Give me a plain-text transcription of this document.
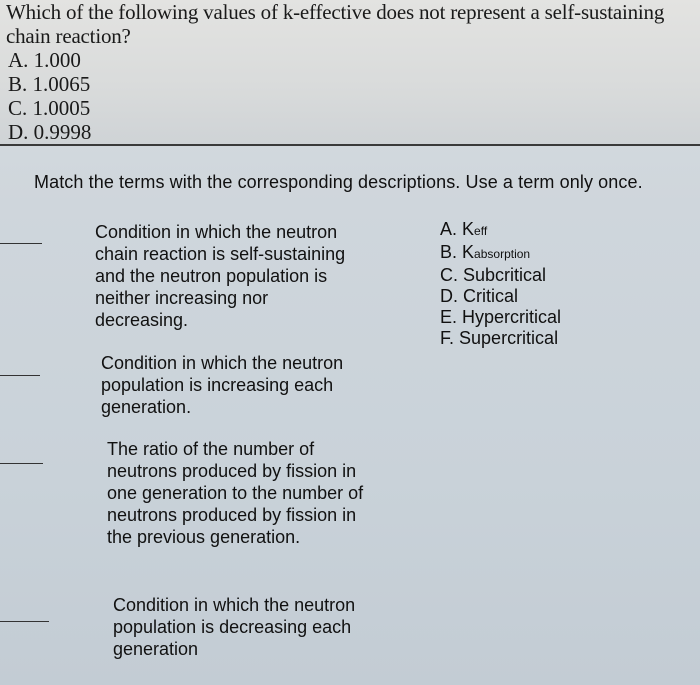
Which of the following values of k-effective does not represent a self-sustaining chain reaction?
A. 1.000
B. 1.0065
C. 1.0005
D. 0.9998
Match the terms with the corresponding descriptions. Use a term only once.
Condition in which the neutron chain reaction is self-sustaining and the neutron population is neither increasing nor decreasing.
Condition in which the neutron population is increasing each generation.
The ratio of the number of neutrons produced by fission in one generation to the number of neutrons produced by fission in the previous generation.
Condition in which the neutron population is decreasing each generation
A. Keff
B. Kabsorption
C. Subcritical
D. Critical
E. Hypercritical
F. Supercritical
